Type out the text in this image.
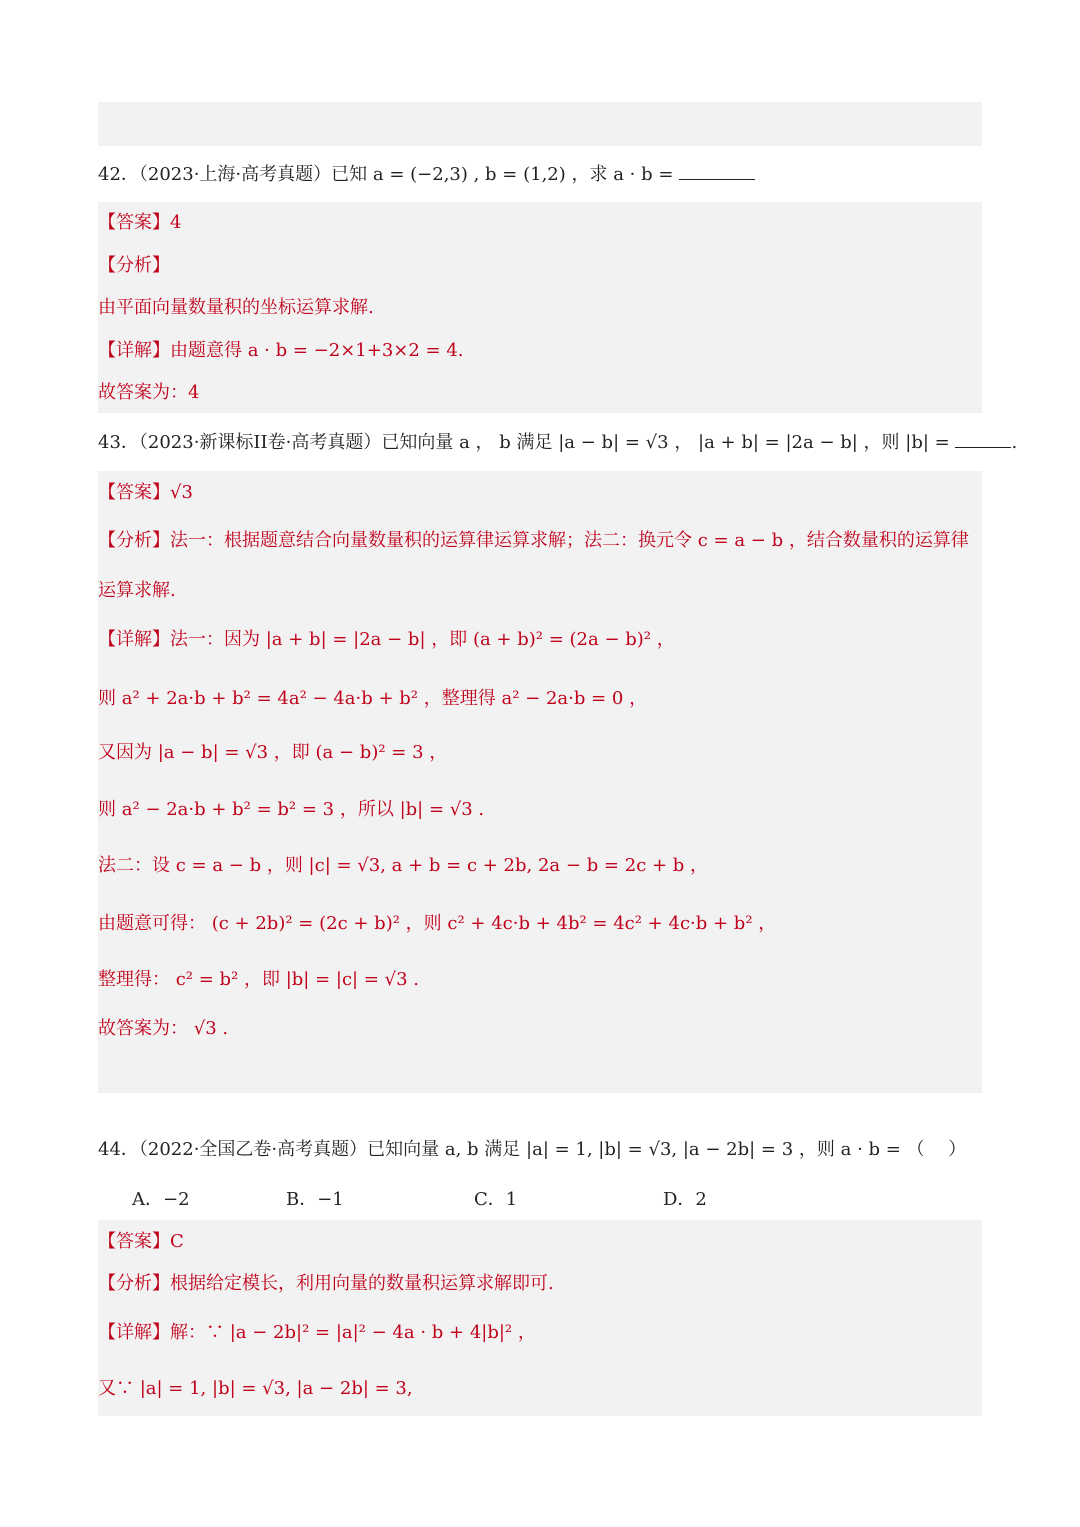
42．（2023·上海·高考真题）已知 a = (−2,3) , b = (1,2) ，求 a · b =
【答案】4
【分析】
由平面向量数量积的坐标运算求解.
【详解】由题意得 a · b = −2×1+3×2 = 4.
故答案为：4
43．（2023·新课标II卷·高考真题）已知向量 a ， b 满足 |a − b| = √3 ， |a + b| = |2a − b| ，则 |b| =	.
【答案】√3
【分析】法一：根据题意结合向量数量积的运算律运算求解；法二：换元令 c = a − b ，结合数量积的运算律
运算求解.
【详解】法一：因为 |a + b| = |2a − b| ，即 (a + b)² = (2a − b)² ，
则 a² + 2a·b + b² = 4a² − 4a·b + b² ，整理得 a² − 2a·b = 0 ，
又因为 |a − b| = √3 ，即 (a − b)² = 3 ，
则 a² − 2a·b + b² = b² = 3 ，所以 |b| = √3 .
法二：设 c = a − b ，则 |c| = √3, a + b = c + 2b, 2a − b = 2c + b ，
由题意可得： (c + 2b)² = (2c + b)² ，则 c² + 4c·b + 4b² = 4c² + 4c·b + b² ，
整理得： c² = b² ，即 |b| = |c| = √3 .
故答案为： √3 .
44．（2022·全国乙卷·高考真题）已知向量 a, b 满足 |a| = 1, |b| = √3, |a − 2b| = 3 ，则 a · b = （　 ）
A．−2	B．−1	C．1	D．2
【答案】C
【分析】根据给定模长，利用向量的数量积运算求解即可.
【详解】解：∵ |a − 2b|² = |a|² − 4a · b + 4|b|² ，
又∵ |a| = 1, |b| = √3, |a − 2b| = 3,
